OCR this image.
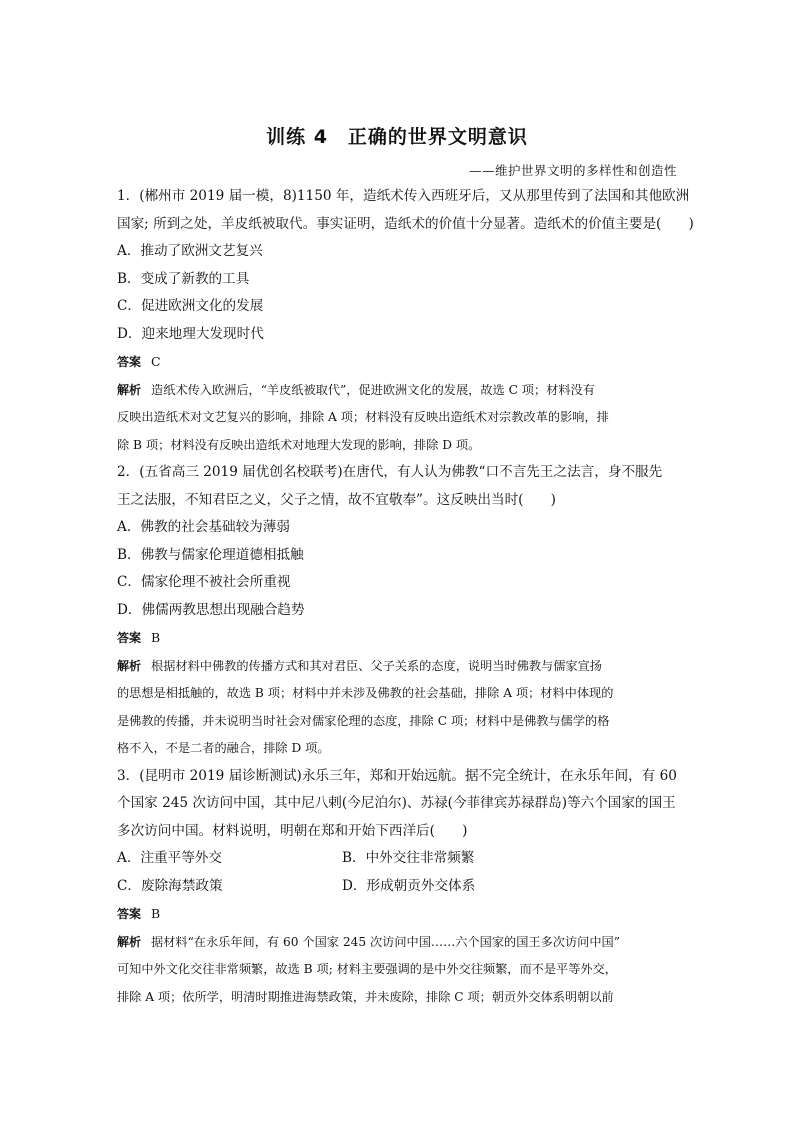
训练 4　正确的世界文明意识

——维护世界文明的多样性和创造性

1．(郴州市 2019 届一模，8)1150 年，造纸术传入西班牙后，又从那里传到了法国和其他欧洲

国家; 所到之处，羊皮纸被取代。事实证明，造纸术的价值十分显著。造纸术的价值主要是(　　)

A．推动了欧洲文艺复兴

B．变成了新教的工具

C．促进欧洲文化的发展

D．迎来地理大发现时代

答案 C

解析 造纸术传入欧洲后，“羊皮纸被取代”，促进欧洲文化的发展，故选 C 项；材料没有

反映出造纸术对文艺复兴的影响，排除 A 项；材料没有反映出造纸术对宗教改革的影响，排

除 B 项；材料没有反映出造纸术对地理大发现的影响，排除 D 项。

2．(五省高三 2019 届优创名校联考)在唐代，有人认为佛教“口不言先王之法言，身不服先

王之法服，不知君臣之义，父子之情，故不宜敬奉”。这反映出当时(　　)

A．佛教的社会基础较为薄弱

B．佛教与儒家伦理道德相抵触

C．儒家伦理不被社会所重视

D．佛儒两教思想出现融合趋势

答案 B

解析 根据材料中佛教的传播方式和其对君臣、父子关系的态度，说明当时佛教与儒家宣扬

的思想是相抵触的，故选 B 项；材料中并未涉及佛教的社会基础，排除 A 项；材料中体现的

是佛教的传播，并未说明当时社会对儒家伦理的态度，排除 C 项；材料中是佛教与儒学的格

格不入，不是二者的融合，排除 D 项。

3．(昆明市 2019 届诊断测试)永乐三年，郑和开始远航。据不完全统计，在永乐年间，有 60

个国家 245 次访问中国，其中尼八剌(今尼泊尔)、苏禄(今菲律宾苏禄群岛)等六个国家的国王

多次访问中国。材料说明，明朝在郑和开始下西洋后(　　)

A．注重平等外交	B．中外交往非常频繁

C．废除海禁政策	D．形成朝贡外交体系

答案 B

解析 据材料“在永乐年间，有 60 个国家 245 次访问中国……六个国家的国王多次访问中国”

可知中外文化交往非常频繁，故选 B 项; 材料主要强调的是中外交往频繁，而不是平等外交，

排除 A 项；依所学，明清时期推进海禁政策，并未废除，排除 C 项；朝贡外交体系明朝以前
